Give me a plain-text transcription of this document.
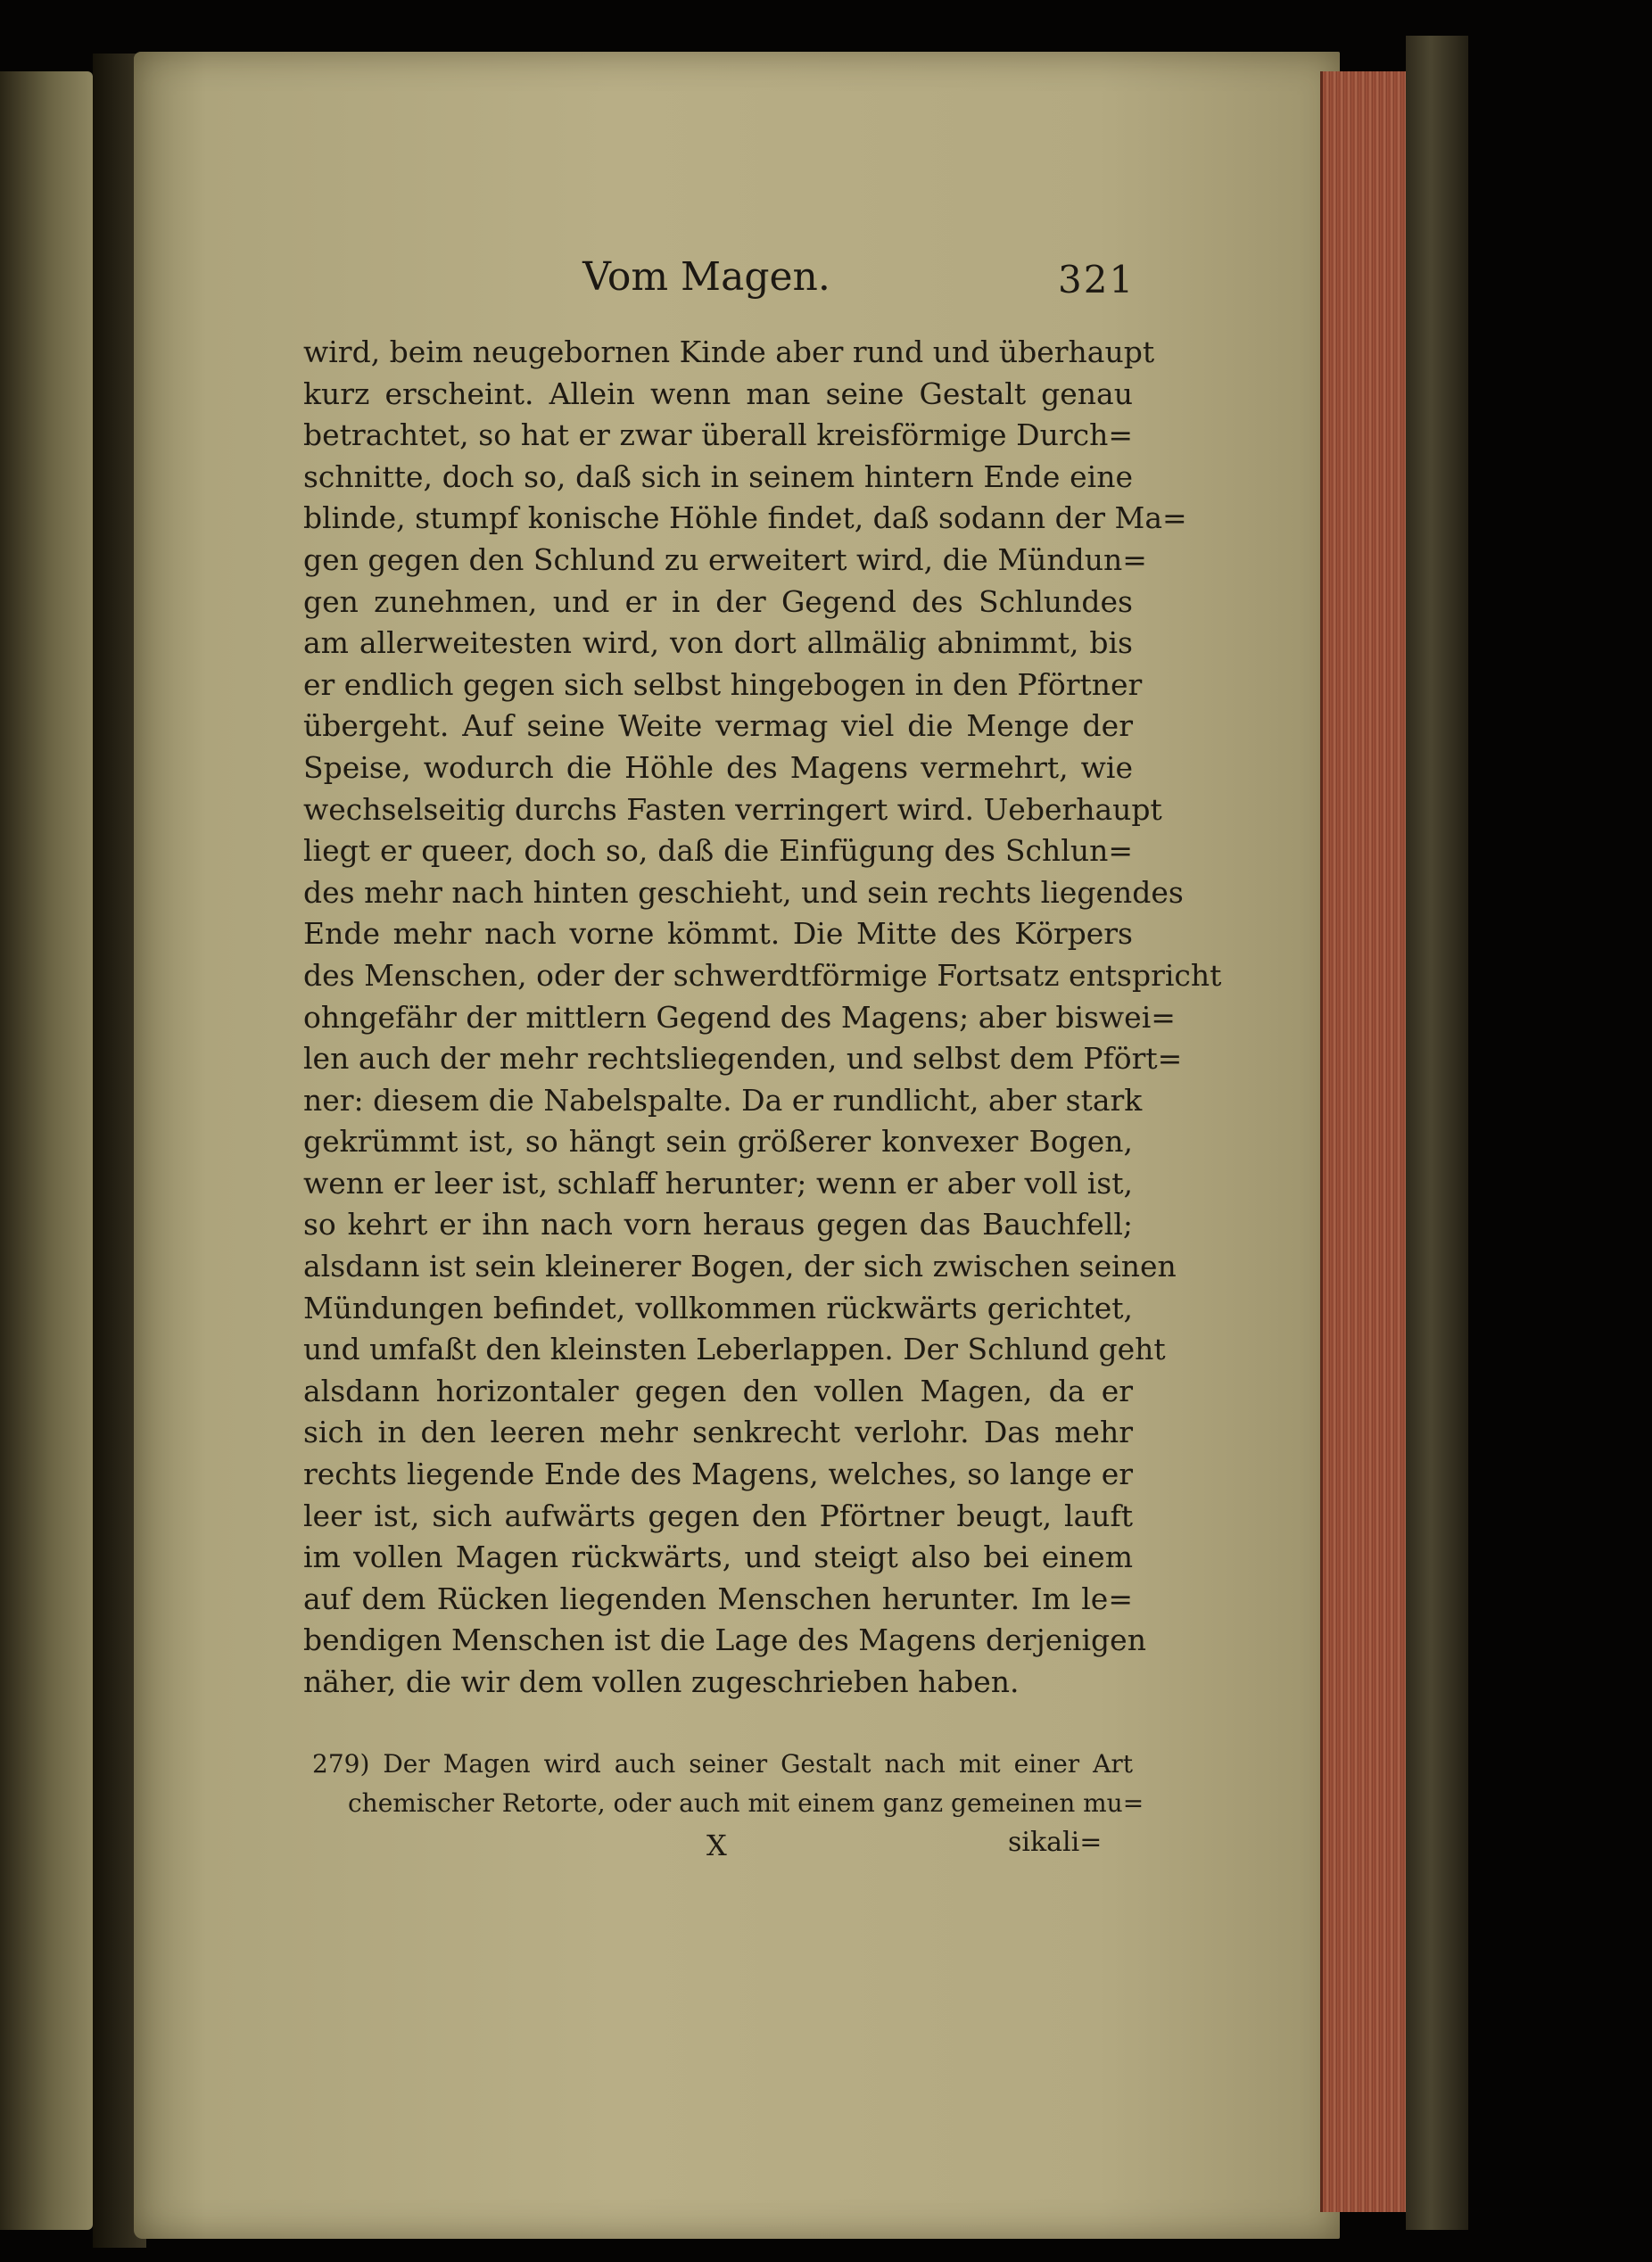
Vom Magen.	321
wird, beim neugebornen Kinde aber rund und überhaupt
kurz erscheint. Allein wenn man seine Gestalt genau
betrachtet, so hat er zwar überall kreisförmige Durch=
schnitte, doch so, daß sich in seinem hintern Ende eine
blinde, stumpf konische Höhle findet, daß sodann der Ma=
gen gegen den Schlund zu erweitert wird, die Mündun=
gen zunehmen, und er in der Gegend des Schlundes
am allerweitesten wird, von dort allmälig abnimmt, bis
er endlich gegen sich selbst hingebogen in den Pförtner
übergeht. Auf seine Weite vermag viel die Menge der
Speise, wodurch die Höhle des Magens vermehrt, wie
wechselseitig durchs Fasten verringert wird. Ueberhaupt
liegt er queer, doch so, daß die Einfügung des Schlun=
des mehr nach hinten geschieht, und sein rechts liegendes
Ende mehr nach vorne kömmt. Die Mitte des Körpers
des Menschen, oder der schwerdtförmige Fortsatz entspricht
ohngefähr der mittlern Gegend des Magens; aber biswei=
len auch der mehr rechtsliegenden, und selbst dem Pfört=
ner: diesem die Nabelspalte. Da er rundlicht, aber stark
gekrümmt ist, so hängt sein größerer konvexer Bogen,
wenn er leer ist, schlaff herunter; wenn er aber voll ist,
so kehrt er ihn nach vorn heraus gegen das Bauchfell;
alsdann ist sein kleinerer Bogen, der sich zwischen seinen
Mündungen befindet, vollkommen rückwärts gerichtet,
und umfaßt den kleinsten Leberlappen. Der Schlund geht
alsdann horizontaler gegen den vollen Magen, da er
sich in den leeren mehr senkrecht verlohr. Das mehr
rechts liegende Ende des Magens, welches, so lange er
leer ist, sich aufwärts gegen den Pförtner beugt, lauft
im vollen Magen rückwärts, und steigt also bei einem
auf dem Rücken liegenden Menschen herunter. Im le=
bendigen Menschen ist die Lage des Magens derjenigen
näher, die wir dem vollen zugeschrieben haben.
279) Der Magen wird auch seiner Gestalt nach mit einer Art
chemischer Retorte, oder auch mit einem ganz gemeinen mu=
X	sikali=
